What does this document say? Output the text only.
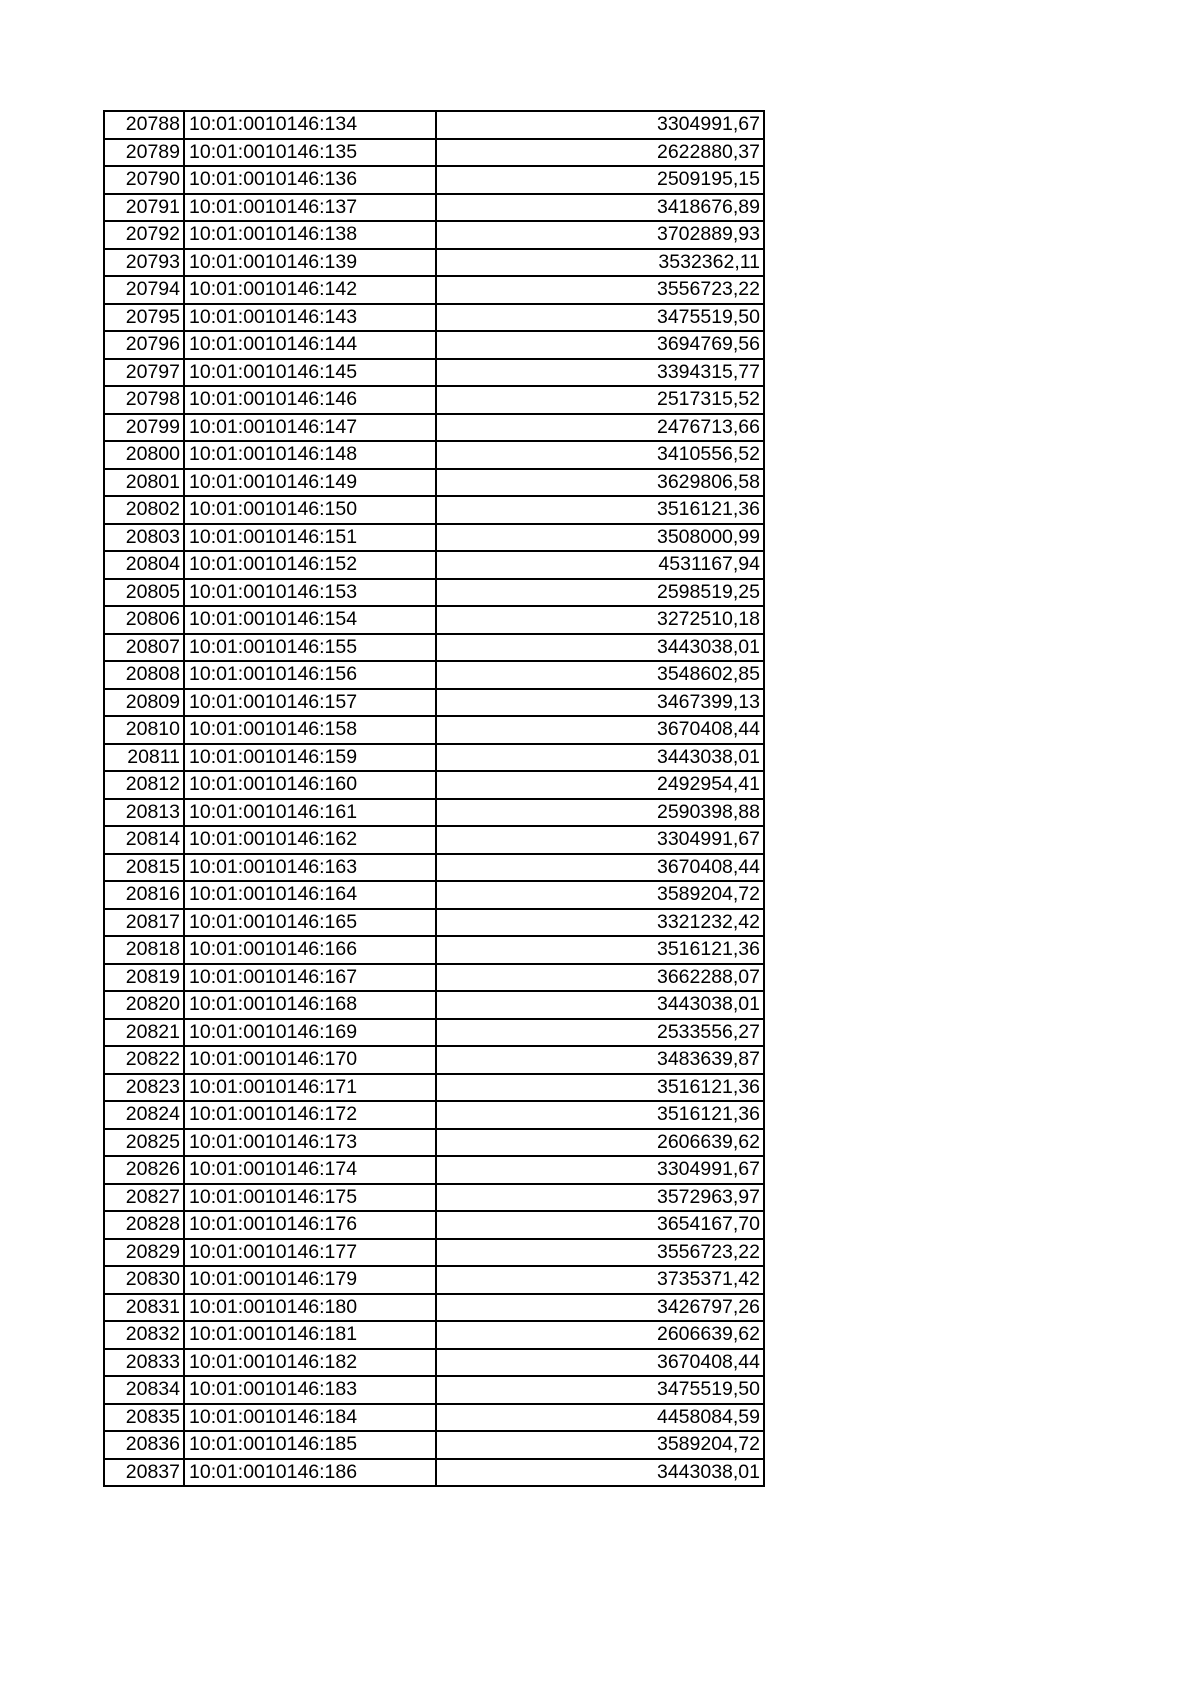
20788	10:01:0010146:134	3304991,67
20789	10:01:0010146:135	2622880,37
20790	10:01:0010146:136	2509195,15
20791	10:01:0010146:137	3418676,89
20792	10:01:0010146:138	3702889,93
20793	10:01:0010146:139	3532362,11
20794	10:01:0010146:142	3556723,22
20795	10:01:0010146:143	3475519,50
20796	10:01:0010146:144	3694769,56
20797	10:01:0010146:145	3394315,77
20798	10:01:0010146:146	2517315,52
20799	10:01:0010146:147	2476713,66
20800	10:01:0010146:148	3410556,52
20801	10:01:0010146:149	3629806,58
20802	10:01:0010146:150	3516121,36
20803	10:01:0010146:151	3508000,99
20804	10:01:0010146:152	4531167,94
20805	10:01:0010146:153	2598519,25
20806	10:01:0010146:154	3272510,18
20807	10:01:0010146:155	3443038,01
20808	10:01:0010146:156	3548602,85
20809	10:01:0010146:157	3467399,13
20810	10:01:0010146:158	3670408,44
20811	10:01:0010146:159	3443038,01
20812	10:01:0010146:160	2492954,41
20813	10:01:0010146:161	2590398,88
20814	10:01:0010146:162	3304991,67
20815	10:01:0010146:163	3670408,44
20816	10:01:0010146:164	3589204,72
20817	10:01:0010146:165	3321232,42
20818	10:01:0010146:166	3516121,36
20819	10:01:0010146:167	3662288,07
20820	10:01:0010146:168	3443038,01
20821	10:01:0010146:169	2533556,27
20822	10:01:0010146:170	3483639,87
20823	10:01:0010146:171	3516121,36
20824	10:01:0010146:172	3516121,36
20825	10:01:0010146:173	2606639,62
20826	10:01:0010146:174	3304991,67
20827	10:01:0010146:175	3572963,97
20828	10:01:0010146:176	3654167,70
20829	10:01:0010146:177	3556723,22
20830	10:01:0010146:179	3735371,42
20831	10:01:0010146:180	3426797,26
20832	10:01:0010146:181	2606639,62
20833	10:01:0010146:182	3670408,44
20834	10:01:0010146:183	3475519,50
20835	10:01:0010146:184	4458084,59
20836	10:01:0010146:185	3589204,72
20837	10:01:0010146:186	3443038,01
